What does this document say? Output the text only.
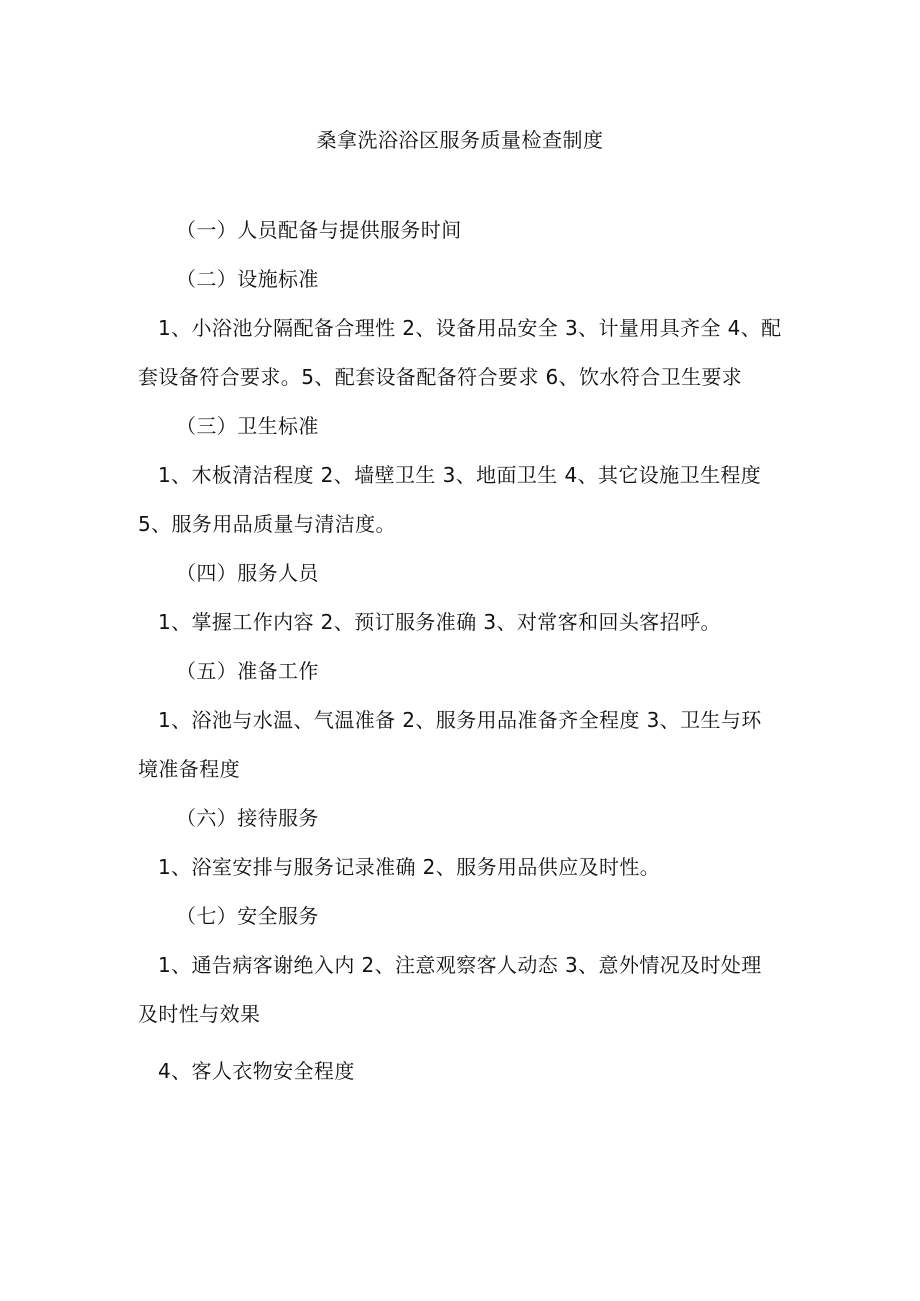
桑拿洗浴浴区服务质量检查制度

（一）人员配备与提供服务时间

（二）设施标准

1、小浴池分隔配备合理性 2、设备用品安全 3、计量用具齐全 4、配套设备符合要求。5、配套设备配备符合要求 6、饮水符合卫生要求

（三）卫生标准

1、木板清洁程度 2、墙壁卫生 3、地面卫生 4、其它设施卫生程度 5、服务用品质量与清洁度。

（四）服务人员

1、掌握工作内容 2、预订服务准确 3、对常客和回头客招呼。

（五）准备工作

1、浴池与水温、气温准备 2、服务用品准备齐全程度 3、卫生与环境准备程度

（六）接待服务

1、浴室安排与服务记录准确 2、服务用品供应及时性。

（七）安全服务

1、通告病客谢绝入内 2、注意观察客人动态 3、意外情况及时处理及时性与效果

4、客人衣物安全程度
